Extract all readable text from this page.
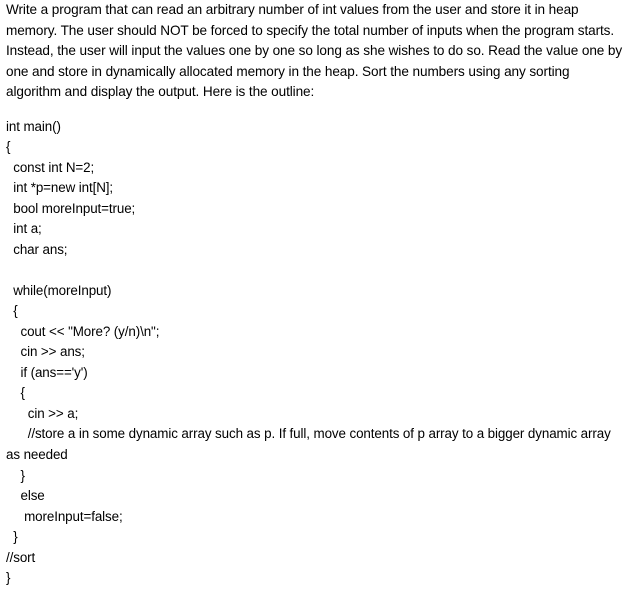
Write a program that can read an arbitrary number of int values from the user and store it in heap
memory. The user should NOT be forced to specify the total number of inputs when the program starts.
Instead, the user will input the values one by one so long as she wishes to do so. Read the value one by
one and store in dynamically allocated memory in the heap. Sort the numbers using any sorting
algorithm and display the output. Here is the outline:
int main()
{
const int N=2;
int *p=new int[N];
bool moreInput=true;
int a;
char ans;
while(moreInput)
{
cout << "More? (y/n)\n";
cin >> ans;
if (ans=='y')
{
cin >> a;
//store a in some dynamic array such as p. If full, move contents of p array to a bigger dynamic array
as needed
}
else
moreInput=false;
}
//sort
}
